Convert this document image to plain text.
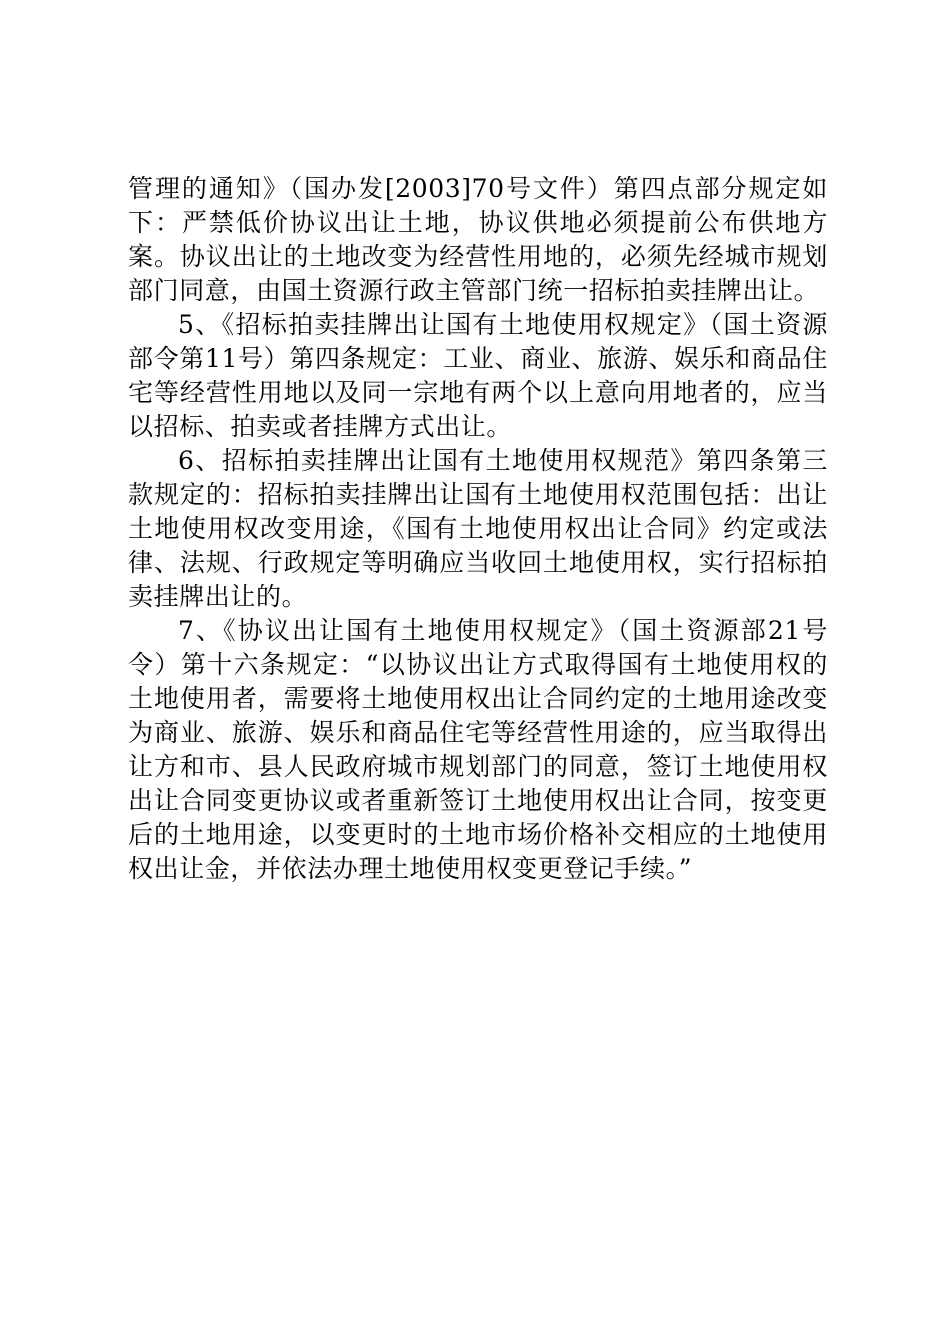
管理的通知》（国办发[2003]70号文件）第四点部分规定如下：严禁低价协议出让土地，协议供地必须提前公布供地方案。协议出让的土地改变为经营性用地的，必须先经城市规划部门同意，由国土资源行政主管部门统一招标拍卖挂牌出让。

5、《招标拍卖挂牌出让国有土地使用权规定》（国土资源部令第11号）第四条规定：工业、商业、旅游、娱乐和商品住宅等经营性用地以及同一宗地有两个以上意向用地者的，应当以招标、拍卖或者挂牌方式出让。

6、招标拍卖挂牌出让国有土地使用权规范》第四条第三款规定的：招标拍卖挂牌出让国有土地使用权范围包括：出让土地使用权改变用途，《国有土地使用权出让合同》约定或法律、法规、行政规定等明确应当收回土地使用权，实行招标拍卖挂牌出让的。

7、《协议出让国有土地使用权规定》（国土资源部21号令）第十六条规定：“以协议出让方式取得国有土地使用权的土地使用者，需要将土地使用权出让合同约定的土地用途改变为商业、旅游、娱乐和商品住宅等经营性用途的，应当取得出让方和市、县人民政府城市规划部门的同意，签订土地使用权出让合同变更协议或者重新签订土地使用权出让合同，按变更后的土地用途，以变更时的土地市场价格补交相应的土地使用权出让金，并依法办理土地使用权变更登记手续。”
